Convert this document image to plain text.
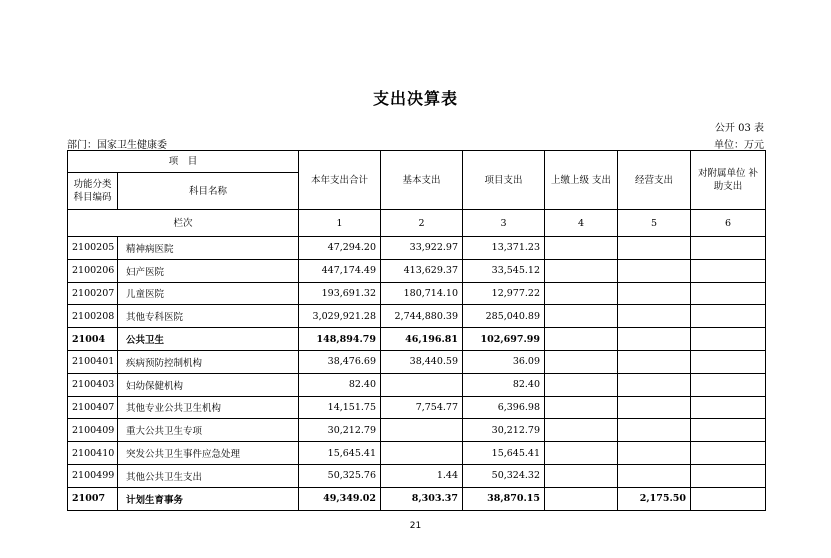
支出决算表
公开 03 表
部门：国家卫生健康委	单位：万元
项　目		本年支出合计	基本支出	项目支出	上缴上级 支出	经营支出	对附属单位 补助支出
功能分类 科目编码	科目名称						
栏次		1	2	3	4	5	6
2100205	精神病医院	47,294.20	33,922.97	13,371.23			
2100206	妇产医院	447,174.49	413,629.37	33,545.12			
2100207	儿童医院	193,691.32	180,714.10	12,977.22			
2100208	其他专科医院	3,029,921.28	2,744,880.39	285,040.89			
21004	公共卫生	148,894.79	46,196.81	102,697.99			
2100401	疾病预防控制机构	38,476.69	38,440.59	36.09			
2100403	妇幼保健机构	82.40		82.40			
2100407	其他专业公共卫生机构	14,151.75	7,754.77	6,396.98			
2100409	重大公共卫生专项	30,212.79		30,212.79			
2100410	突发公共卫生事件应急处理	15,645.41		15,645.41			
2100499	其他公共卫生支出	50,325.76	1.44	50,324.32			
21007	计划生育事务	49,349.02	8,303.37	38,870.15		2,175.50	
21
